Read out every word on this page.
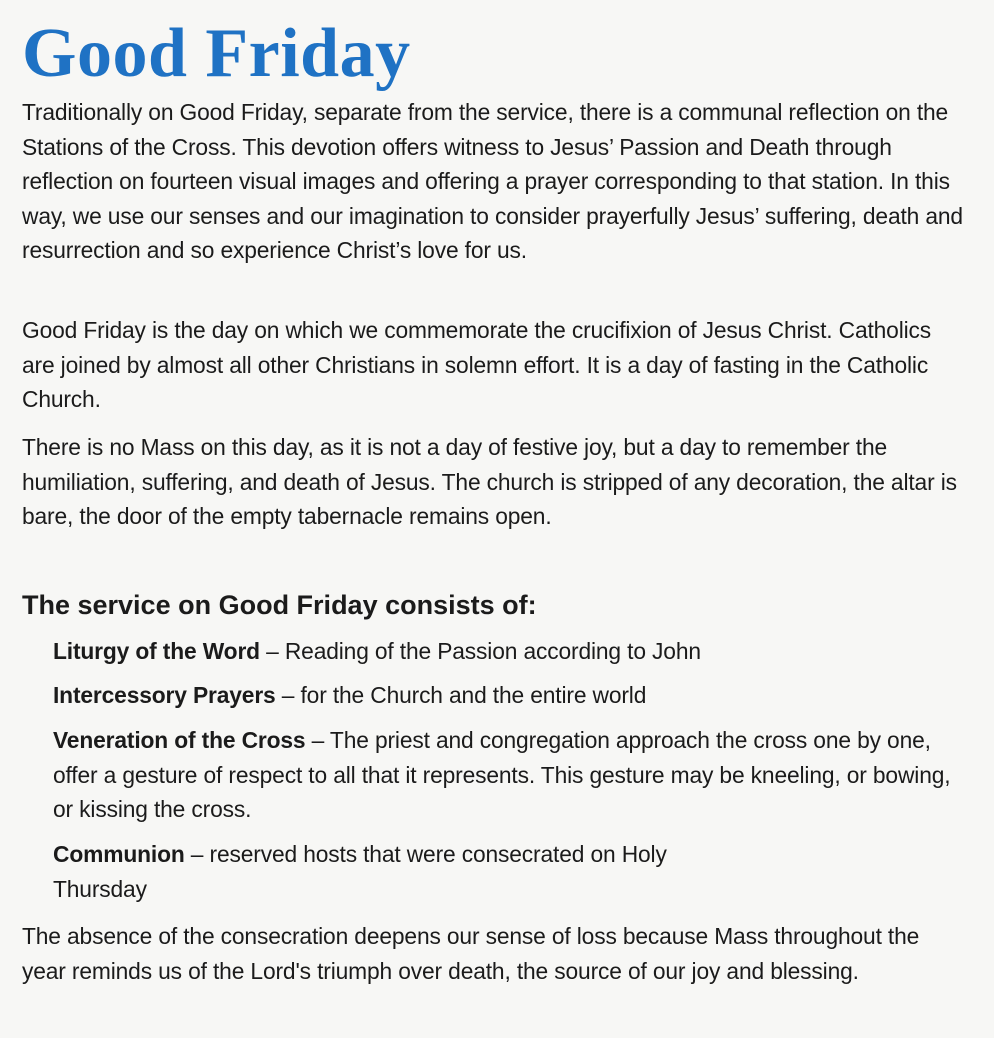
Good Friday

Traditionally on Good Friday, separate from the service, there is a communal reflection on the Stations of the Cross. This devotion offers witness to Jesus’ Passion and Death through reflection on fourteen visual images and offering a prayer corresponding to that station. In this way, we use our senses and our imagination to consider prayerfully Jesus’ suffering, death and resurrection and so experience Christ’s love for us.

Good Friday is the day on which we commemorate the crucifixion of Jesus Christ. Catholics are joined by almost all other Christians in solemn effort. It is a day of fasting in the Catholic Church.

There is no Mass on this day, as it is not a day of festive joy, but a day to remember the humiliation, suffering, and death of Jesus. The church is stripped of any decoration, the altar is bare, the door of the empty tabernacle remains open.

The service on Good Friday consists of:

Liturgy of the Word – Reading of the Passion according to John

Intercessory Prayers – for the Church and the entire world

Veneration of the Cross – The priest and congregation approach the cross one by one, offer a gesture of respect to all that it represents. This gesture may be kneeling, or bowing, or kissing the cross.

Communion – reserved hosts that were consecrated on Holy Thursday

The absence of the consecration deepens our sense of loss because Mass throughout the year reminds us of the Lord's triumph over death, the source of our joy and blessing.
